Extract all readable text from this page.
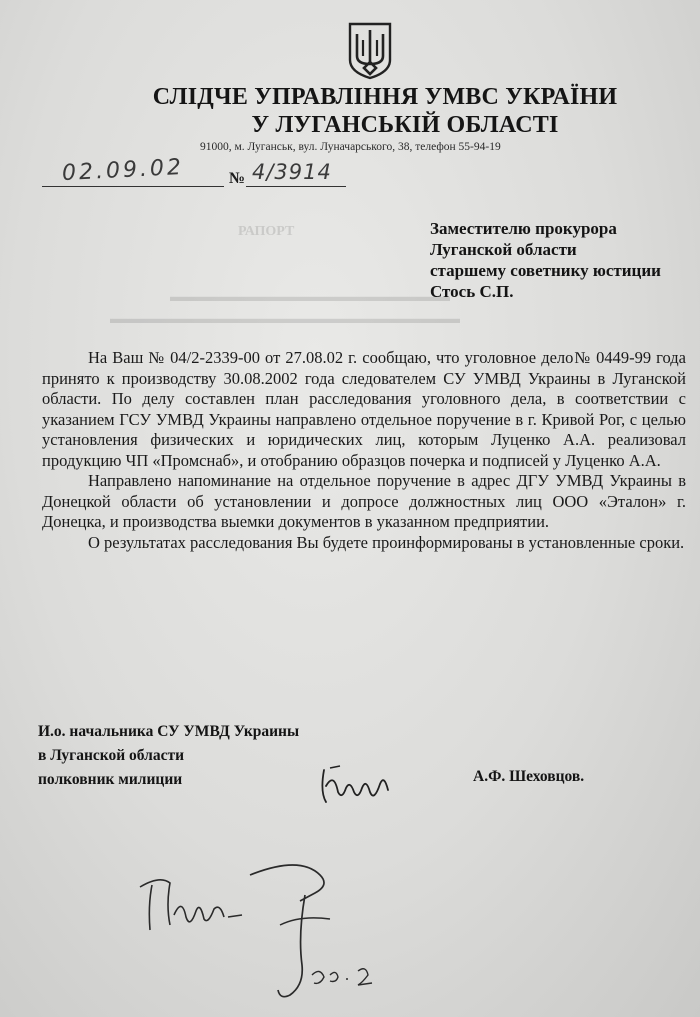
СЛІДЧЕ УПРАВЛІННЯ УМВС УКРАЇНИ
У ЛУГАНСЬКІЙ ОБЛАСТІ
91000, м. Луганськ, вул. Луначарського, 38, телефон 55-94-19
02.09.02	№ 4/3914
РАПОРТ
▬▬▬▬▬▬▬▬▬▬▬▬▬▬▬▬▬▬▬▬
▬▬▬▬▬▬▬▬▬▬▬▬▬▬▬▬▬▬▬▬▬▬▬▬▬
Заместителю прокурора
Луганской области
старшему советнику юстиции
Стось С.П.

На Ваш № 04/2-2339-00 от 27.08.02 г. сообщаю, что уголовное дело№ 0449-99 года принято к производству 30.08.2002 года следователем СУ УМВД Украины в Луганской области. По делу составлен план расследования уголовного дела, в соответствии с указанием ГСУ УМВД Украины направлено отдельное поручение в г. Кривой Рог, с целью установления физических и юридических лиц, которым Луценко А.А. реализовал продукцию ЧП «Промснаб», и отобранию образцов почерка и подписей у Луценко А.А.

Направлено напоминание на отдельное поручение в адрес ДГУ УМВД Украины в Донецкой области об установлении и допросе должностных лиц ООО «Эталон» г. Донецка, и производства выемки документов в указанном предприятии.

О результатах расследования Вы будете проинформированы в установленные сроки.

И.о. начальника СУ УМВД Украины
в Луганской области
полковник милиции	А.Ф. Шеховцов.
